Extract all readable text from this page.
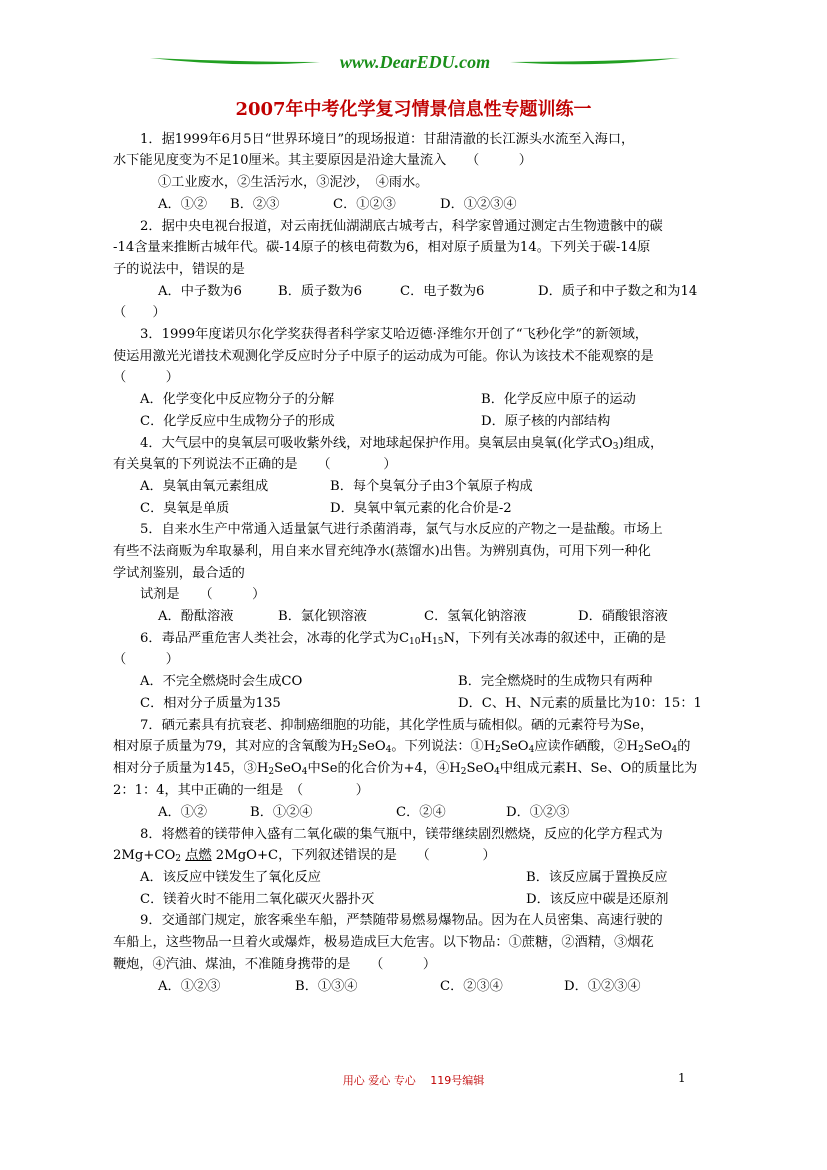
www.DearEDU.com
2007年中考化学复习情景信息性专题训练一
1．据1999年6月5日“世界环境日”的现场报道：甘甜清澈的长江源头水流至入海口，
水下能见度变为不足10厘米。其主要原因是沿途大量流入　　（　　　）
①工业废水，②生活污水，③泥沙，　④雨水。
A．①② B．②③	C．①②③	D．①②③④
2．据中央电视台报道，对云南抚仙湖湖底古城考古，科学家曾通过测定古生物遗骸中的碳
-14含量来推断古城年代。碳-14原子的核电荷数为6，相对原子质量为14。下列关于碳-14原
子的说法中，错误的是
A．中子数为6	B．质子数为6	C．电子数为6	D．质子和中子数之和为14
（　　）
3．1999年度诺贝尔化学奖获得者科学家艾哈迈德·泽维尔开创了“飞秒化学”的新领域，
使运用激光光谱技术观测化学反应时分子中原子的运动成为可能。你认为该技术不能观察的是
（　　　）
A．化学变化中反应物分子的分解	B．化学反应中原子的运动
C．化学反应中生成物分子的形成	D．原子核的内部结构
4．大气层中的臭氧层可吸收紫外线，对地球起保护作用。臭氧层由臭氧(化学式$O_3$)组成，
有关臭氧的下列说法不正确的是　　（　　　　）
A．臭氧由氧元素组成	B．每个臭氧分子由3个氧原子构成
C．臭氧是单质	D．臭氧中氧元素的化合价是-2
5．自来水生产中常通入适量氯气进行杀菌消毒，氯气与水反应的产物之一是盐酸。市场上
有些不法商贩为牟取暴利，用自来水冒充纯净水(蒸馏水)出售。为辨别真伪，可用下列一种化
学试剂鉴别，最合适的
试剂是　　（　　　）
A．酚酞溶液	B．氯化钡溶液	C．氢氧化钠溶液	D．硝酸银溶液
6．毒品严重危害人类社会，冰毒的化学式为$C_{10}H_{15}N$，下列有关冰毒的叙述中，正确的是
（　　　）
A．不完全燃烧时会生成CO	B．完全燃烧时的生成物只有两种
C．相对分子质量为135	D．C、H、N元素的质量比为10：15：1
7．硒元素具有抗衰老、抑制癌细胞的功能，其化学性质与硫相似。硒的元素符号为Se，
相对原子质量为79，其对应的含氧酸为$H_2SeO_4$。下列说法：$①H_2SeO_4$应读作硒酸，$②H_2SeO_4$的
相对分子质量为145，$③H_2SeO_4$中Se的化合价为+4，$④H_2SeO_4$中组成元素H、Se、O的质量比为
2：1：4，其中正确的一组是　（　　　　）
A．①②	B．①②④	C．②④	D．①②③
8．将燃着的镁带伸入盛有二氧化碳的集气瓶中，镁带继续剧烈燃烧，反应的化学方程式为
$2Mg+CO_2$ 点燃 2MgO+C，下列叙述错误的是　　（　　　　）
A．该反应中镁发生了氧化反应	B．该反应属于置换反应
C．镁着火时不能用二氧化碳灭火器扑灭	D．该反应中碳是还原剂
9．交通部门规定，旅客乘坐车船，严禁随带易燃易爆物品。因为在人员密集、高速行驶的
车船上，这些物品一旦着火或爆炸，极易造成巨大危害。以下物品：①蔗糖，②酒精，③烟花
鞭炮，④汽油、煤油，不准随身携带的是　　（　　　）
A．①②③	B．①③④	C．②③④	D．①②③④
用心 爱心 专心　 119号编辑	1
